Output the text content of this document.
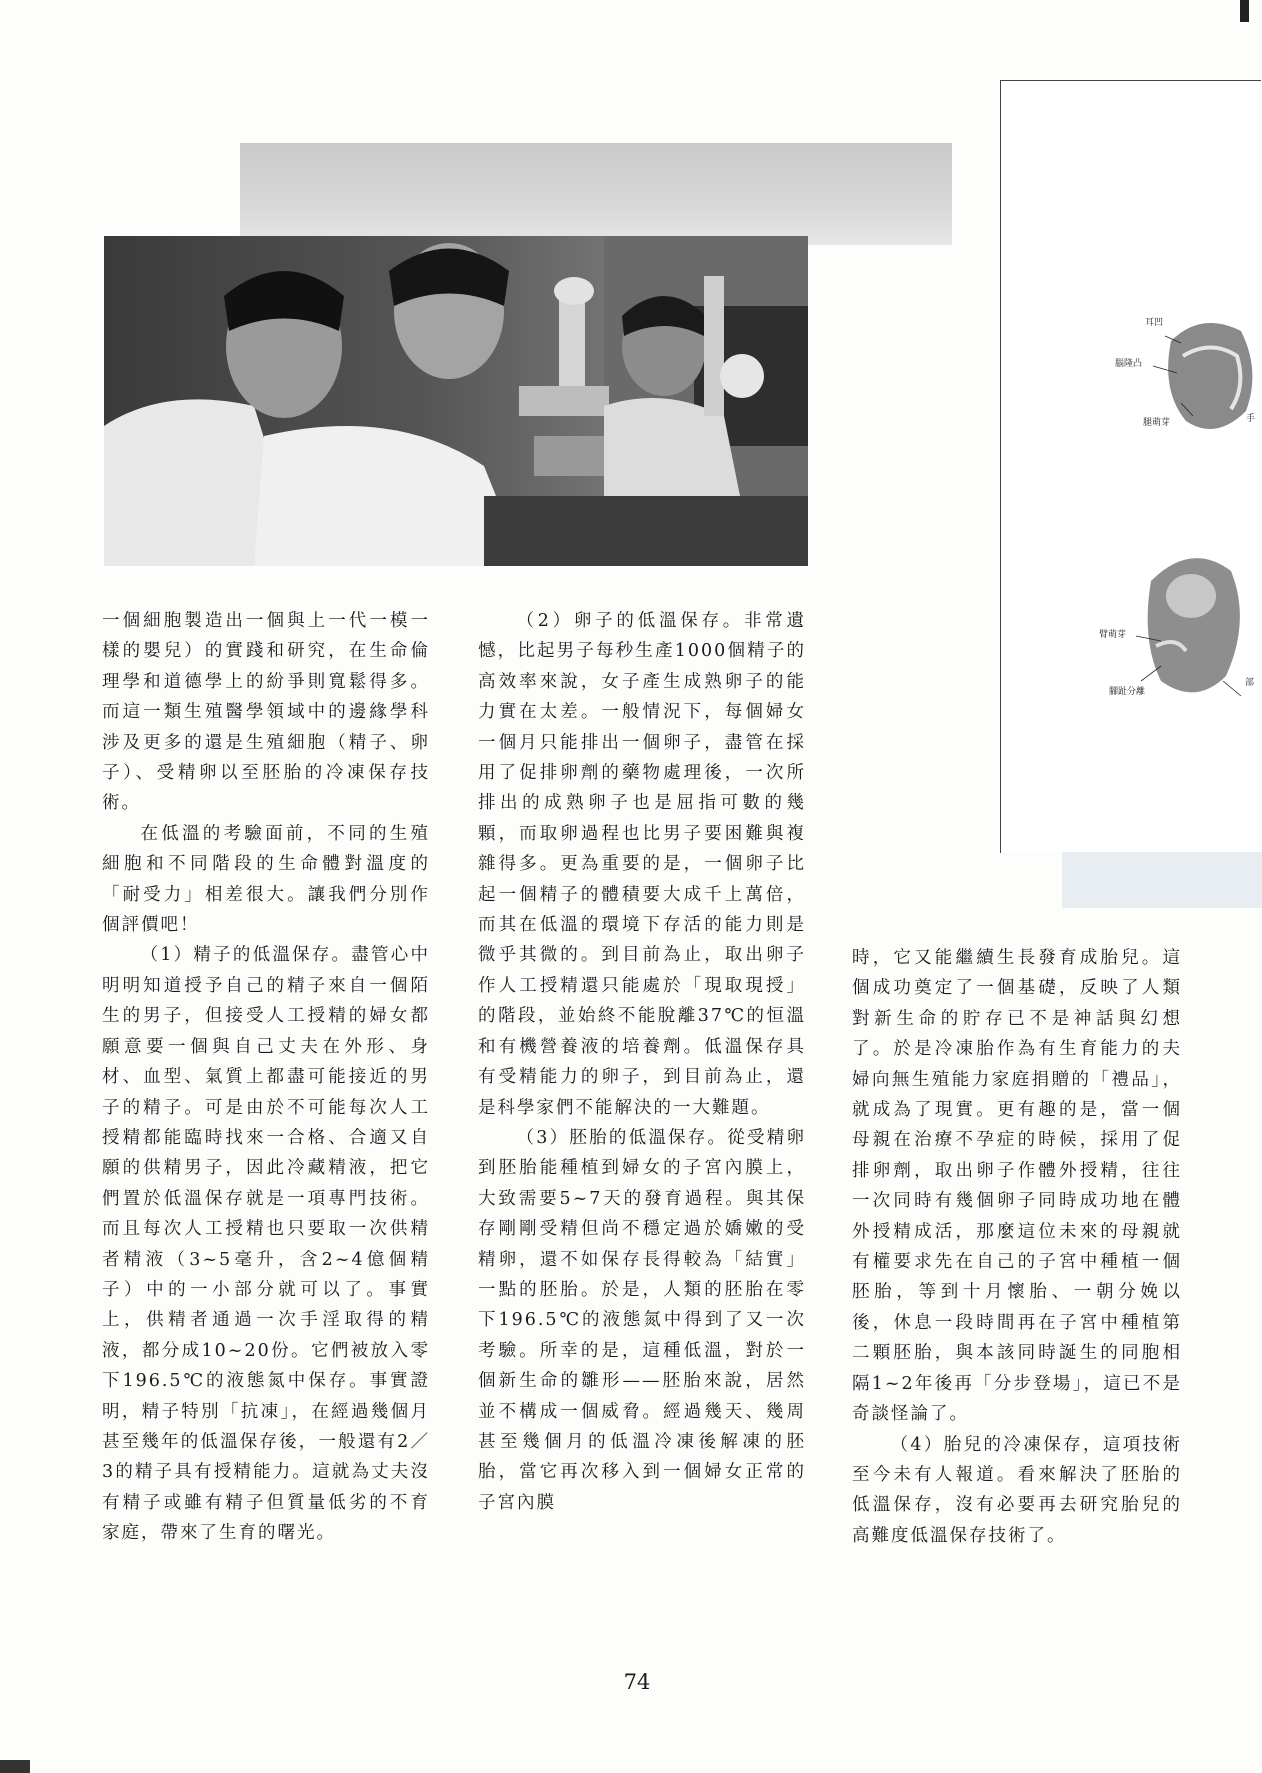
一個細胞製造出一個與上一代一模一樣的嬰兒）的實踐和研究，在生命倫理學和道德學上的紛爭則寬鬆得多。而這一類生殖醫學領域中的邊緣學科涉及更多的還是生殖細胞（精子、卵子）、受精卵以至胚胎的冷凍保存技術。

在低溫的考驗面前，不同的生殖細胞和不同階段的生命體對溫度的「耐受力」相差很大。讓我們分別作個評價吧！

（1）精子的低溫保存。盡管心中明明知道授予自己的精子來自一個陌生的男子，但接受人工授精的婦女都願意要一個與自己丈夫在外形、身材、血型、氣質上都盡可能接近的男子的精子。可是由於不可能每次人工授精都能臨時找來一合格、合適又自願的供精男子，因此冷藏精液，把它們置於低溫保存就是一項專門技術。而且每次人工授精也只要取一次供精者精液（3~5毫升，含2~4億個精子）中的一小部分就可以了。事實上，供精者通過一次手淫取得的精液，都分成10~20份。它們被放入零下196.5℃的液態氮中保存。事實證明，精子特別「抗凍」，在經過幾個月甚至幾年的低溫保存後，一般還有2／3的精子具有授精能力。這就為丈夫沒有精子或雖有精子但質量低劣的不育家庭，帶來了生育的曙光。

（2）卵子的低溫保存。非常遺憾，比起男子每秒生產1000個精子的高效率來說，女子產生成熟卵子的能力實在太差。一般情況下，每個婦女一個月只能排出一個卵子，盡管在採用了促排卵劑的藥物處理後，一次所排出的成熟卵子也是屈指可數的幾顆，而取卵過程也比男子要困難與複雜得多。更為重要的是，一個卵子比起一個精子的體積要大成千上萬倍，而其在低溫的環境下存活的能力則是微乎其微的。到目前為止，取出卵子作人工授精還只能處於「現取現授」的階段，並始終不能脫離37℃的恒溫和有機營養液的培養劑。低溫保存具有受精能力的卵子，到目前為止，還是科學家們不能解決的一大難題。

（3）胚胎的低溫保存。從受精卵到胚胎能種植到婦女的子宮內膜上，大致需要5~7天的發育過程。與其保存剛剛受精但尚不穩定過於嬌嫩的受精卵，還不如保存長得較為「結實」一點的胚胎。於是，人類的胚胎在零下196.5℃的液態氮中得到了又一次考驗。所幸的是，這種低溫，對於一個新生命的雛形——胚胎來說，居然並不構成一個威脅。經過幾天、幾周甚至幾個月的低溫冷凍後解凍的胚胎，當它再次移入到一個婦女正常的子宮內膜

時，它又能繼續生長發育成胎兒。這個成功奠定了一個基礎，反映了人類對新生命的貯存已不是神話與幻想了。於是冷凍胎作為有生育能力的夫婦向無生殖能力家庭捐贈的「禮品」，就成為了現實。更有趣的是，當一個母親在治療不孕症的時候，採用了促排卵劑，取出卵子作體外授精，往往一次同時有幾個卵子同時成功地在體外授精成活，那麼這位未來的母親就有權要求先在自己的子宮中種植一個胚胎，等到十月懷胎、一朝分娩以後，休息一段時間再在子宮中種植第二顆胚胎，與本該同時誕生的同胞相隔1~2年後再「分步登場」，這已不是奇談怪論了。

（4）胎兒的冷凍保存，這項技術至今未有人報道。看來解決了胚胎的低溫保存，沒有必要再去研究胎兒的高難度低溫保存技術了。

耳凹
腦隆凸
腿萌芽	手
臂萌芽
腳趾分離
部
74
